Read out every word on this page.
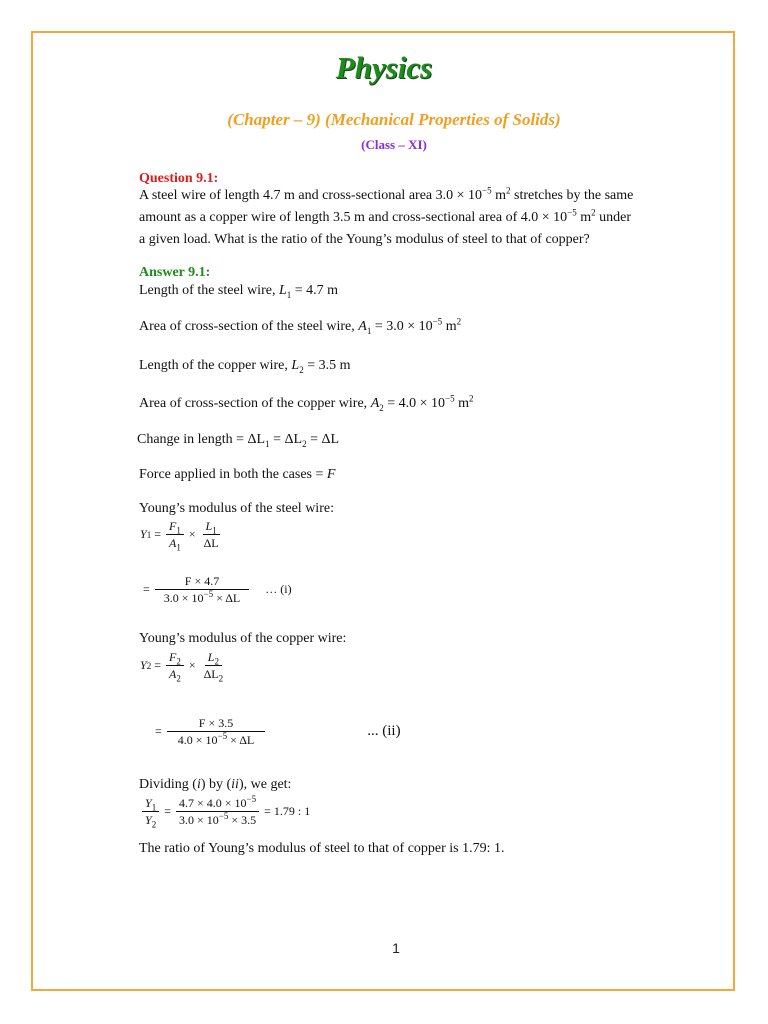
Physics
(Chapter – 9) (Mechanical Properties of Solids)
(Class – XI)
Question 9.1:
A steel wire of length 4.7 m and cross-sectional area $3.0 \times 10^{-5}$ $m^2$ stretches by the same
amount as a copper wire of length 3.5 m and cross-sectional area of $4.0 \times 10^{-5}$ $m^2$ under
a given load. What is the ratio of the Young’s modulus of steel to that of copper?
Answer 9.1:
Length of the steel wire, $L_1 = 4.7$ m
Area of cross-section of the steel wire, $A_1 = 3.0 \times 10^{-5}$ $m^2$
Length of the copper wire, $L_2 = 3.5$ m
Area of cross-section of the copper wire, $A_2 = 4.0 \times 10^{-5}$ $m^2$
Change in length = $\Delta L_1 = \Delta L_2 = \Delta L$
Force applied in both the cases = F
Young’s modulus of the steel wire:
Y $1 = \frac{F_1}{A_1} \times \frac{L_1}{\Delta L}$
= $\frac{F \times 4.7}{3.0 \times 10^{-5} \times \Delta L}$ … (i)
Young’s modulus of the copper wire:
Y $2 = \frac{F_2}{A_2} \times \frac{L_2}{\Delta L_2}$
= $\frac{F \times 3.5}{4.0 \times 10^{-5} \times \Delta L}$	... (ii)
Dividing (i) by (ii), we get:
$\frac{Y_1}{Y_2} = \frac{4.7 \times 4.0 \times 10^{-5}}{3.0 \times 10^{-5} \times 3.5} = 1.79$ : 1
The ratio of Young’s modulus of steel to that of copper is 1.79: 1.
1
